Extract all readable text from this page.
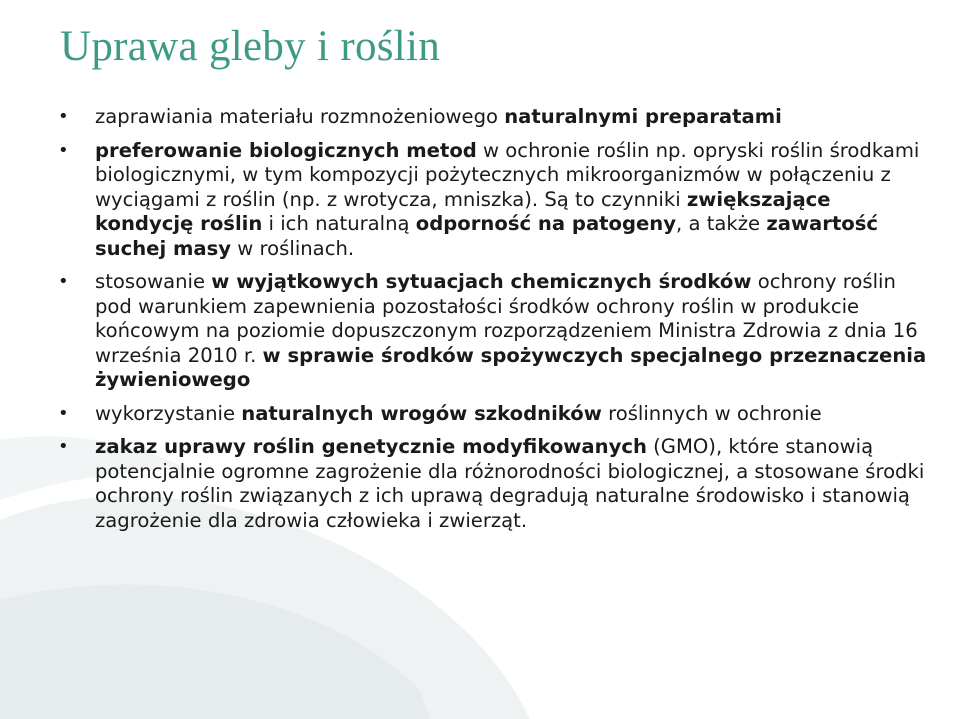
Uprawa gleby i roślin
• zaprawiania materiału rozmnożeniowego naturalnymi preparatami
• preferowanie biologicznych metod w ochronie roślin np. opryski roślin środkami biologicznymi, w tym kompozycji pożytecznych mikroorganizmów w połączeniu z wyciągami z roślin (np. z wrotycza, mniszka). Są to czynniki zwiększające kondycję roślin i ich naturalną odporność na patogeny, a także zawartość suchej masy w roślinach.
• stosowanie w wyjątkowych sytuacjach chemicznych środków ochrony roślin pod warunkiem zapewnienia pozostałości środków ochrony roślin w produkcie końcowym na poziomie dopuszczonym rozporządzeniem Ministra Zdrowia z dnia 16 września 2010 r. w sprawie środków spożywczych specjalnego przeznaczenia żywieniowego
• wykorzystanie naturalnych wrogów szkodników roślinnych w ochronie
• zakaz uprawy roślin genetycznie modyfikowanych (GMO), które stanowią potencjalnie ogromne zagrożenie dla różnorodności biologicznej, a stosowane środki ochrony roślin związanych z ich uprawą degradują naturalne środowisko i stanowią zagrożenie dla zdrowia człowieka i zwierząt.
